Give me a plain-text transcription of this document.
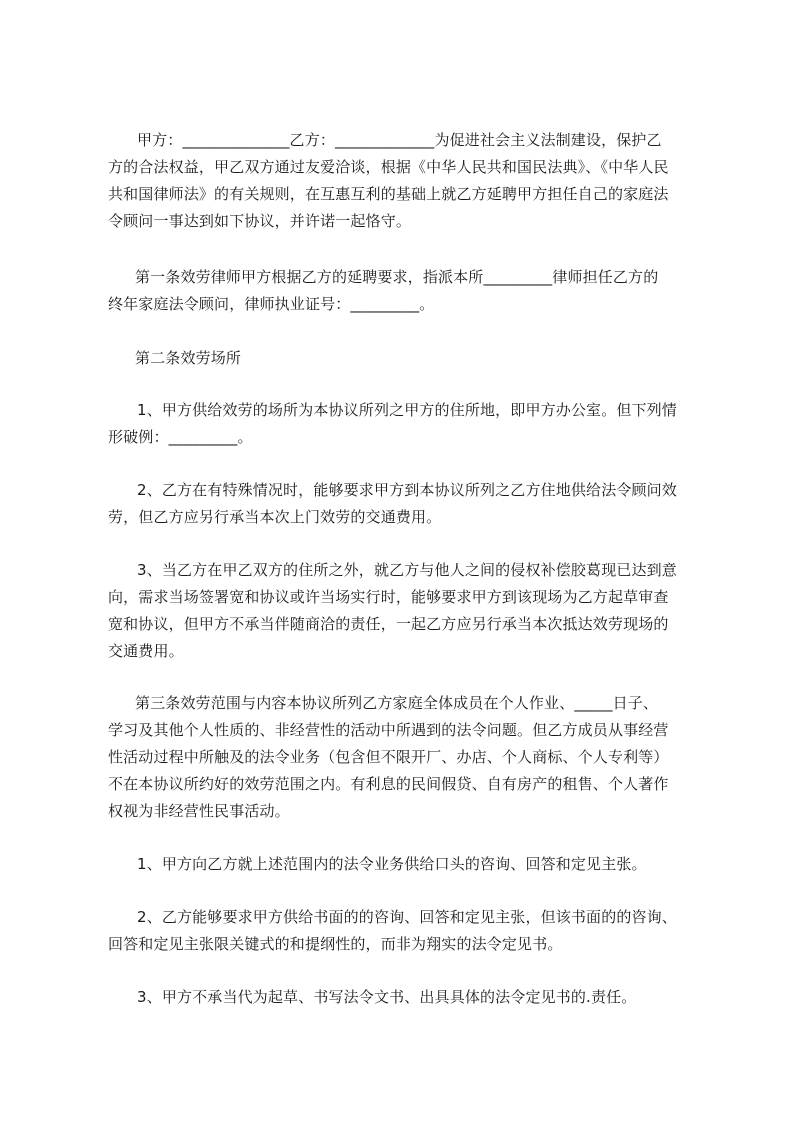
甲方：______________乙方：_____________为促进社会主义法制建设，保护乙
方的合法权益，甲乙双方通过友爱洽谈，根据《中华人民共和国民法典》、《中华人民
共和国律师法》的有关规则，在互惠互利的基础上就乙方延聘甲方担任自己的家庭法
令顾问一事达到如下协议，并许诺一起恪守。
第一条效劳律师甲方根据乙方的延聘要求，指派本所_________律师担任乙方的
终年家庭法令顾问，律师执业证号：_________。
第二条效劳场所
1、甲方供给效劳的场所为本协议所列之甲方的住所地，即甲方办公室。但下列情
形破例：_________。
2、乙方在有特殊情况时，能够要求甲方到本协议所列之乙方住地供给法令顾问效
劳，但乙方应另行承当本次上门效劳的交通费用。
3、当乙方在甲乙双方的住所之外，就乙方与他人之间的侵权补偿胶葛现已达到意
向，需求当场签署宽和协议或许当场实行时，能够要求甲方到该现场为乙方起草审查
宽和协议，但甲方不承当伴随商洽的责任，一起乙方应另行承当本次抵达效劳现场的
交通费用。
第三条效劳范围与内容本协议所列乙方家庭全体成员在个人作业、_____日子、
学习及其他个人性质的、非经营性的活动中所遇到的法令问题。但乙方成员从事经营
性活动过程中所触及的法令业务（包含但不限开厂、办店、个人商标、个人专利等）
不在本协议所约好的效劳范围之内。有利息的民间假贷、自有房产的租售、个人著作
权视为非经营性民事活动。
1、甲方向乙方就上述范围内的法令业务供给口头的咨询、回答和定见主张。
2、乙方能够要求甲方供给书面的的咨询、回答和定见主张，但该书面的的咨询、
回答和定见主张限关键式的和提纲性的，而非为翔实的法令定见书。
3、甲方不承当代为起草、书写法令文书、出具具体的法令定见书的.责任。
